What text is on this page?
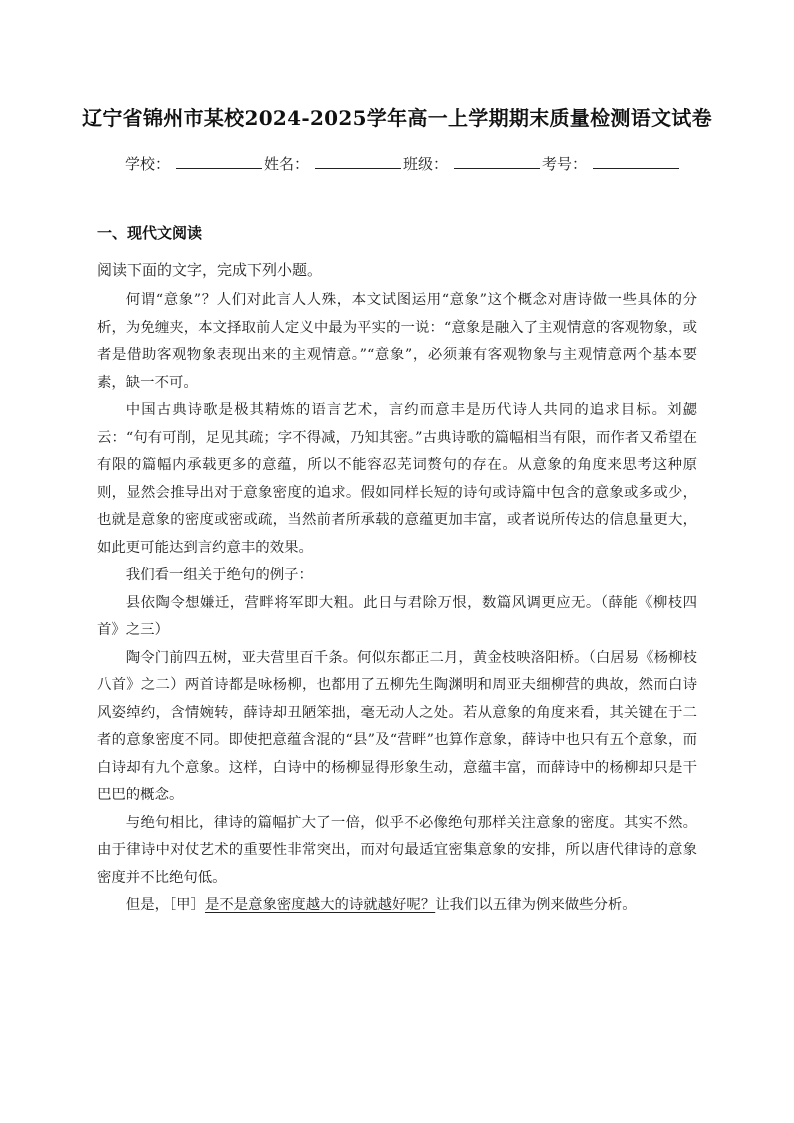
辽宁省锦州市某校2024-2025学年高一上学期期末质量检测语文试卷
学校：	姓名：	班级：	考号：
一、现代文阅读
阅读下面的文字，完成下列小题。

何谓“意象”？人们对此言人人殊，本文试图运用“意象”这个概念对唐诗做一些具体的分析，为免缠夹，本文择取前人定义中最为平实的一说：“意象是融入了主观情意的客观物象，或者是借助客观物象表现出来的主观情意。”“意象”，必须兼有客观物象与主观情意两个基本要素，缺一不可。

中国古典诗歌是极其精炼的语言艺术，言约而意丰是历代诗人共同的追求目标。刘勰云：“句有可削，足见其疏；字不得减，乃知其密。”古典诗歌的篇幅相当有限，而作者又希望在有限的篇幅内承载更多的意蕴，所以不能容忍芜词赘句的存在。从意象的角度来思考这种原则，显然会推导出对于意象密度的追求。假如同样长短的诗句或诗篇中包含的意象或多或少，也就是意象的密度或密或疏，当然前者所承载的意蕴更加丰富，或者说所传达的信息量更大，如此更可能达到言约意丰的效果。

我们看一组关于绝句的例子：

县依陶令想嫌迁，营畔将军即大粗。此日与君除万恨，数篇风调更应无。（薛能《柳枝四首》之三）

陶令门前四五树，亚夫营里百千条。何似东都正二月，黄金枝映洛阳桥。（白居易《杨柳枝八首》之二）两首诗都是咏杨柳，也都用了五柳先生陶渊明和周亚夫细柳营的典故，然而白诗风姿绰约，含情婉转，薛诗却丑陋笨拙，毫无动人之处。若从意象的角度来看，其关键在于二者的意象密度不同。即使把意蕴含混的“县”及“营畔”也算作意象，薛诗中也只有五个意象，而白诗却有九个意象。这样，白诗中的杨柳显得形象生动，意蕴丰富，而薛诗中的杨柳却只是干巴巴的概念。

与绝句相比，律诗的篇幅扩大了一倍，似乎不必像绝句那样关注意象的密度。其实不然。由于律诗中对仗艺术的重要性非常突出，而对句最适宜密集意象的安排，所以唐代律诗的意象密度并不比绝句低。

但是，［甲］是不是意象密度越大的诗就越好呢？让我们以五律为例来做些分析。
